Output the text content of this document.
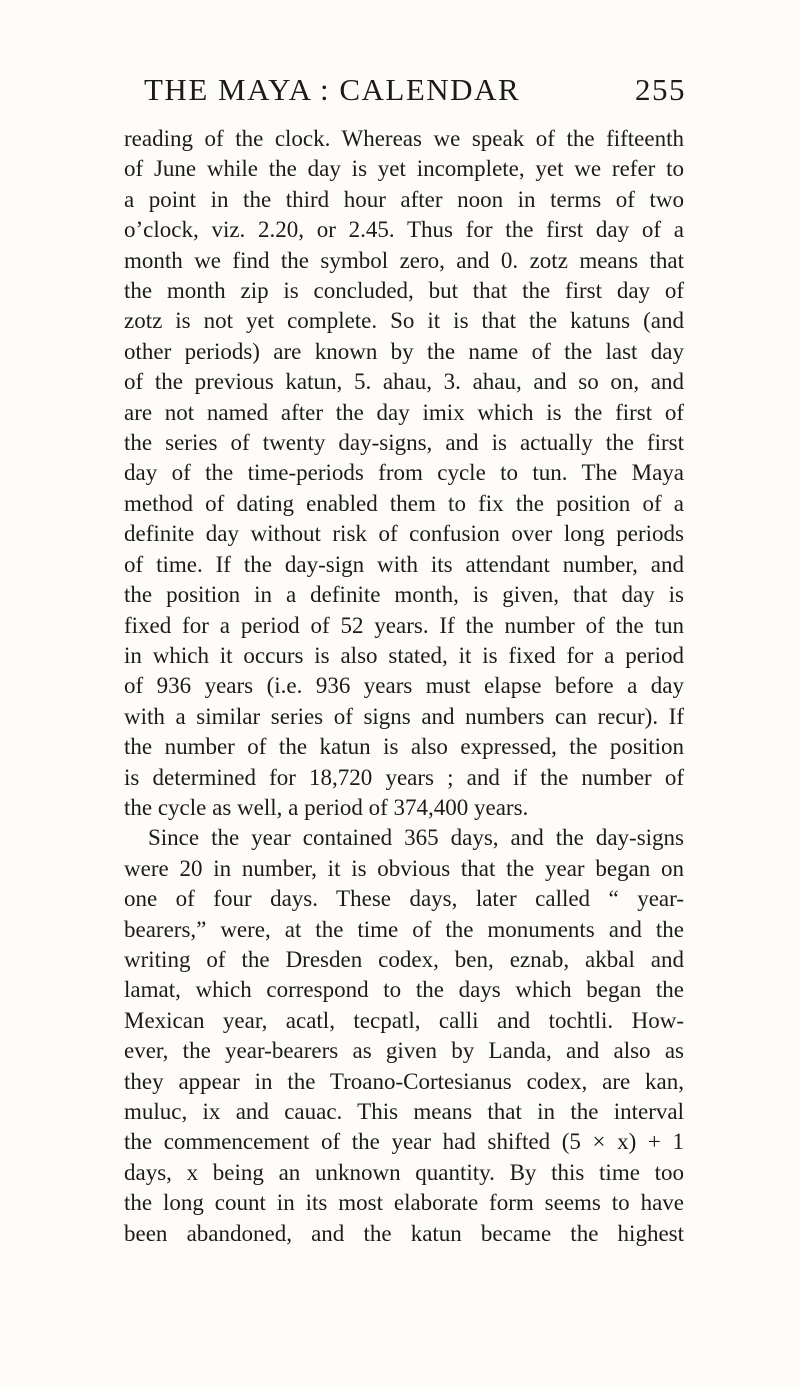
THE MAYA : CALENDAR	255
reading of the clock. Whereas we speak of the fifteenth
of June while the day is yet incomplete, yet we refer to
a point in the third hour after noon in terms of two
o’clock, viz. 2.20, or 2.45. Thus for the first day of a
month we find the symbol zero, and 0. zotz means that
the month zip is concluded, but that the first day of
zotz is not yet complete. So it is that the katuns (and
other periods) are known by the name of the last day
of the previous katun, 5. ahau, 3. ahau, and so on, and
are not named after the day imix which is the first of
the series of twenty day-signs, and is actually the first
day of the time-periods from cycle to tun. The Maya
method of dating enabled them to fix the position of a
definite day without risk of confusion over long periods
of time. If the day-sign with its attendant number, and
the position in a definite month, is given, that day is
fixed for a period of 52 years. If the number of the tun
in which it occurs is also stated, it is fixed for a period
of 936 years (i.e. 936 years must elapse before a day
with a similar series of signs and numbers can recur). If
the number of the katun is also expressed, the position
is determined for 18,720 years ; and if the number of
the cycle as well, a period of 374,400 years.
Since the year contained 365 days, and the day-signs
were 20 in number, it is obvious that the year began on
one of four days. These days, later called “ year-
bearers,” were, at the time of the monuments and the
writing of the Dresden codex, ben, eznab, akbal and
lamat, which correspond to the days which began the
Mexican year, acatl, tecpatl, calli and tochtli. How-
ever, the year-bearers as given by Landa, and also as
they appear in the Troano-Cortesianus codex, are kan,
muluc, ix and cauac. This means that in the interval
the commencement of the year had shifted (5 × x) + 1
days, x being an unknown quantity. By this time too
the long count in its most elaborate form seems to have
been abandoned, and the katun became the highest
